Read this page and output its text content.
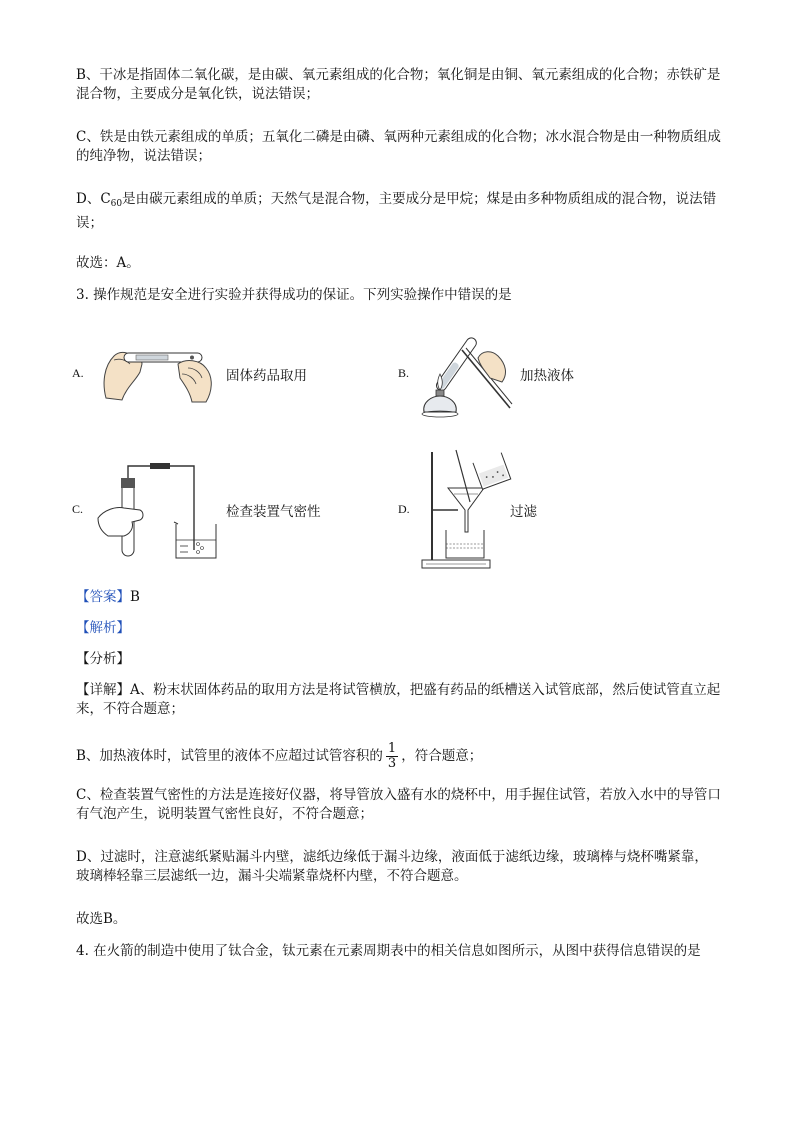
B、干冰是指固体二氧化碳，是由碳、氧元素组成的化合物；氧化铜是由铜、氧元素组成的化合物；赤铁矿是混合物，主要成分是氧化铁，说法错误；

C、铁是由铁元素组成的单质；五氧化二磷是由磷、氧两种元素组成的化合物；冰水混合物是由一种物质组成的纯净物，说法错误；

D、$C_{60}$是由碳元素组成的单质；天然气是混合物，主要成分是甲烷；煤是由多种物质组成的混合物，说法错误；

故选：A。
3. 操作规范是安全进行实验并获得成功的保证。下列实验操作中错误的是
A.	固体药品取用	B.	加热液体
C.	检查装置气密性	D.	过滤
【答案】B
【解析】
【分析】

【详解】A、粉末状固体药品的取用方法是将试管横放，把盛有药品的纸槽送入试管底部，然后使试管直立起来，不符合题意；

B、加热液体时，试管里的液体不应超过试管容积的 $\frac{1}{3}$ ，符合题意；

C、检查装置气密性的方法是连接好仪器，将导管放入盛有水的烧杯中，用手握住试管，若放入水中的导管口有气泡产生，说明装置气密性良好，不符合题意；

D、过滤时，注意滤纸紧贴漏斗内壁，滤纸边缘低于漏斗边缘，液面低于滤纸边缘，玻璃棒与烧杯嘴紧靠，玻璃棒轻靠三层滤纸一边，漏斗尖端紧靠烧杯内壁，不符合题意。

故选B。
4. 在火箭的制造中使用了钛合金，钛元素在元素周期表中的相关信息如图所示，从图中获得信息错误的是
